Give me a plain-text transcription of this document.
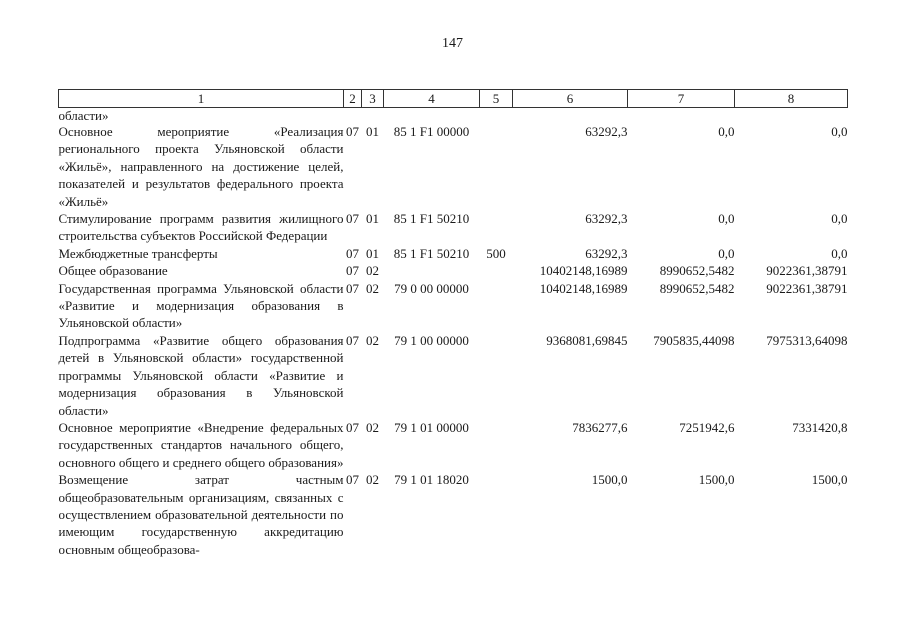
147
1	2	3	4	5	6	7	8
области»							
Основное мероприятие «Реализация регионального проекта Ульяновской области «Жильё», направленного на достижение целей, показателей и результатов федерального проекта «Жильё»	07	01	85 1 F1 00000		63292,3	0,0	0,0
Стимулирование программ развития жилищного строительства субъектов Российской Федерации	07	01	85 1 F1 50210		63292,3	0,0	0,0
Межбюджетные трансферты	07	01	85 1 F1 50210	500	63292,3	0,0	0,0
Общее образование	07	02			10402148,16989	8990652,5482	9022361,38791
Государственная программа Ульяновской области «Развитие и модернизация образования в Ульяновской области»	07	02	79 0 00 00000		10402148,16989	8990652,5482	9022361,38791
Подпрограмма «Развитие общего образования детей в Ульяновской области» государственной программы Ульяновской области «Развитие и модернизация образования в Ульяновской области»	07	02	79 1 00 00000		9368081,69845	7905835,44098	7975313,64098
Основное мероприятие «Внедрение федеральных государственных стандартов начального общего, основного общего и среднего общего образования»	07	02	79 1 01 00000		7836277,6	7251942,6	7331420,8
Возмещение затрат частным общеобразовательным организациям, связанных с осуществлением образовательной деятельности по имеющим государственную аккредитацию основным общеобразова-	07	02	79 1 01 18020		1500,0	1500,0	1500,0
